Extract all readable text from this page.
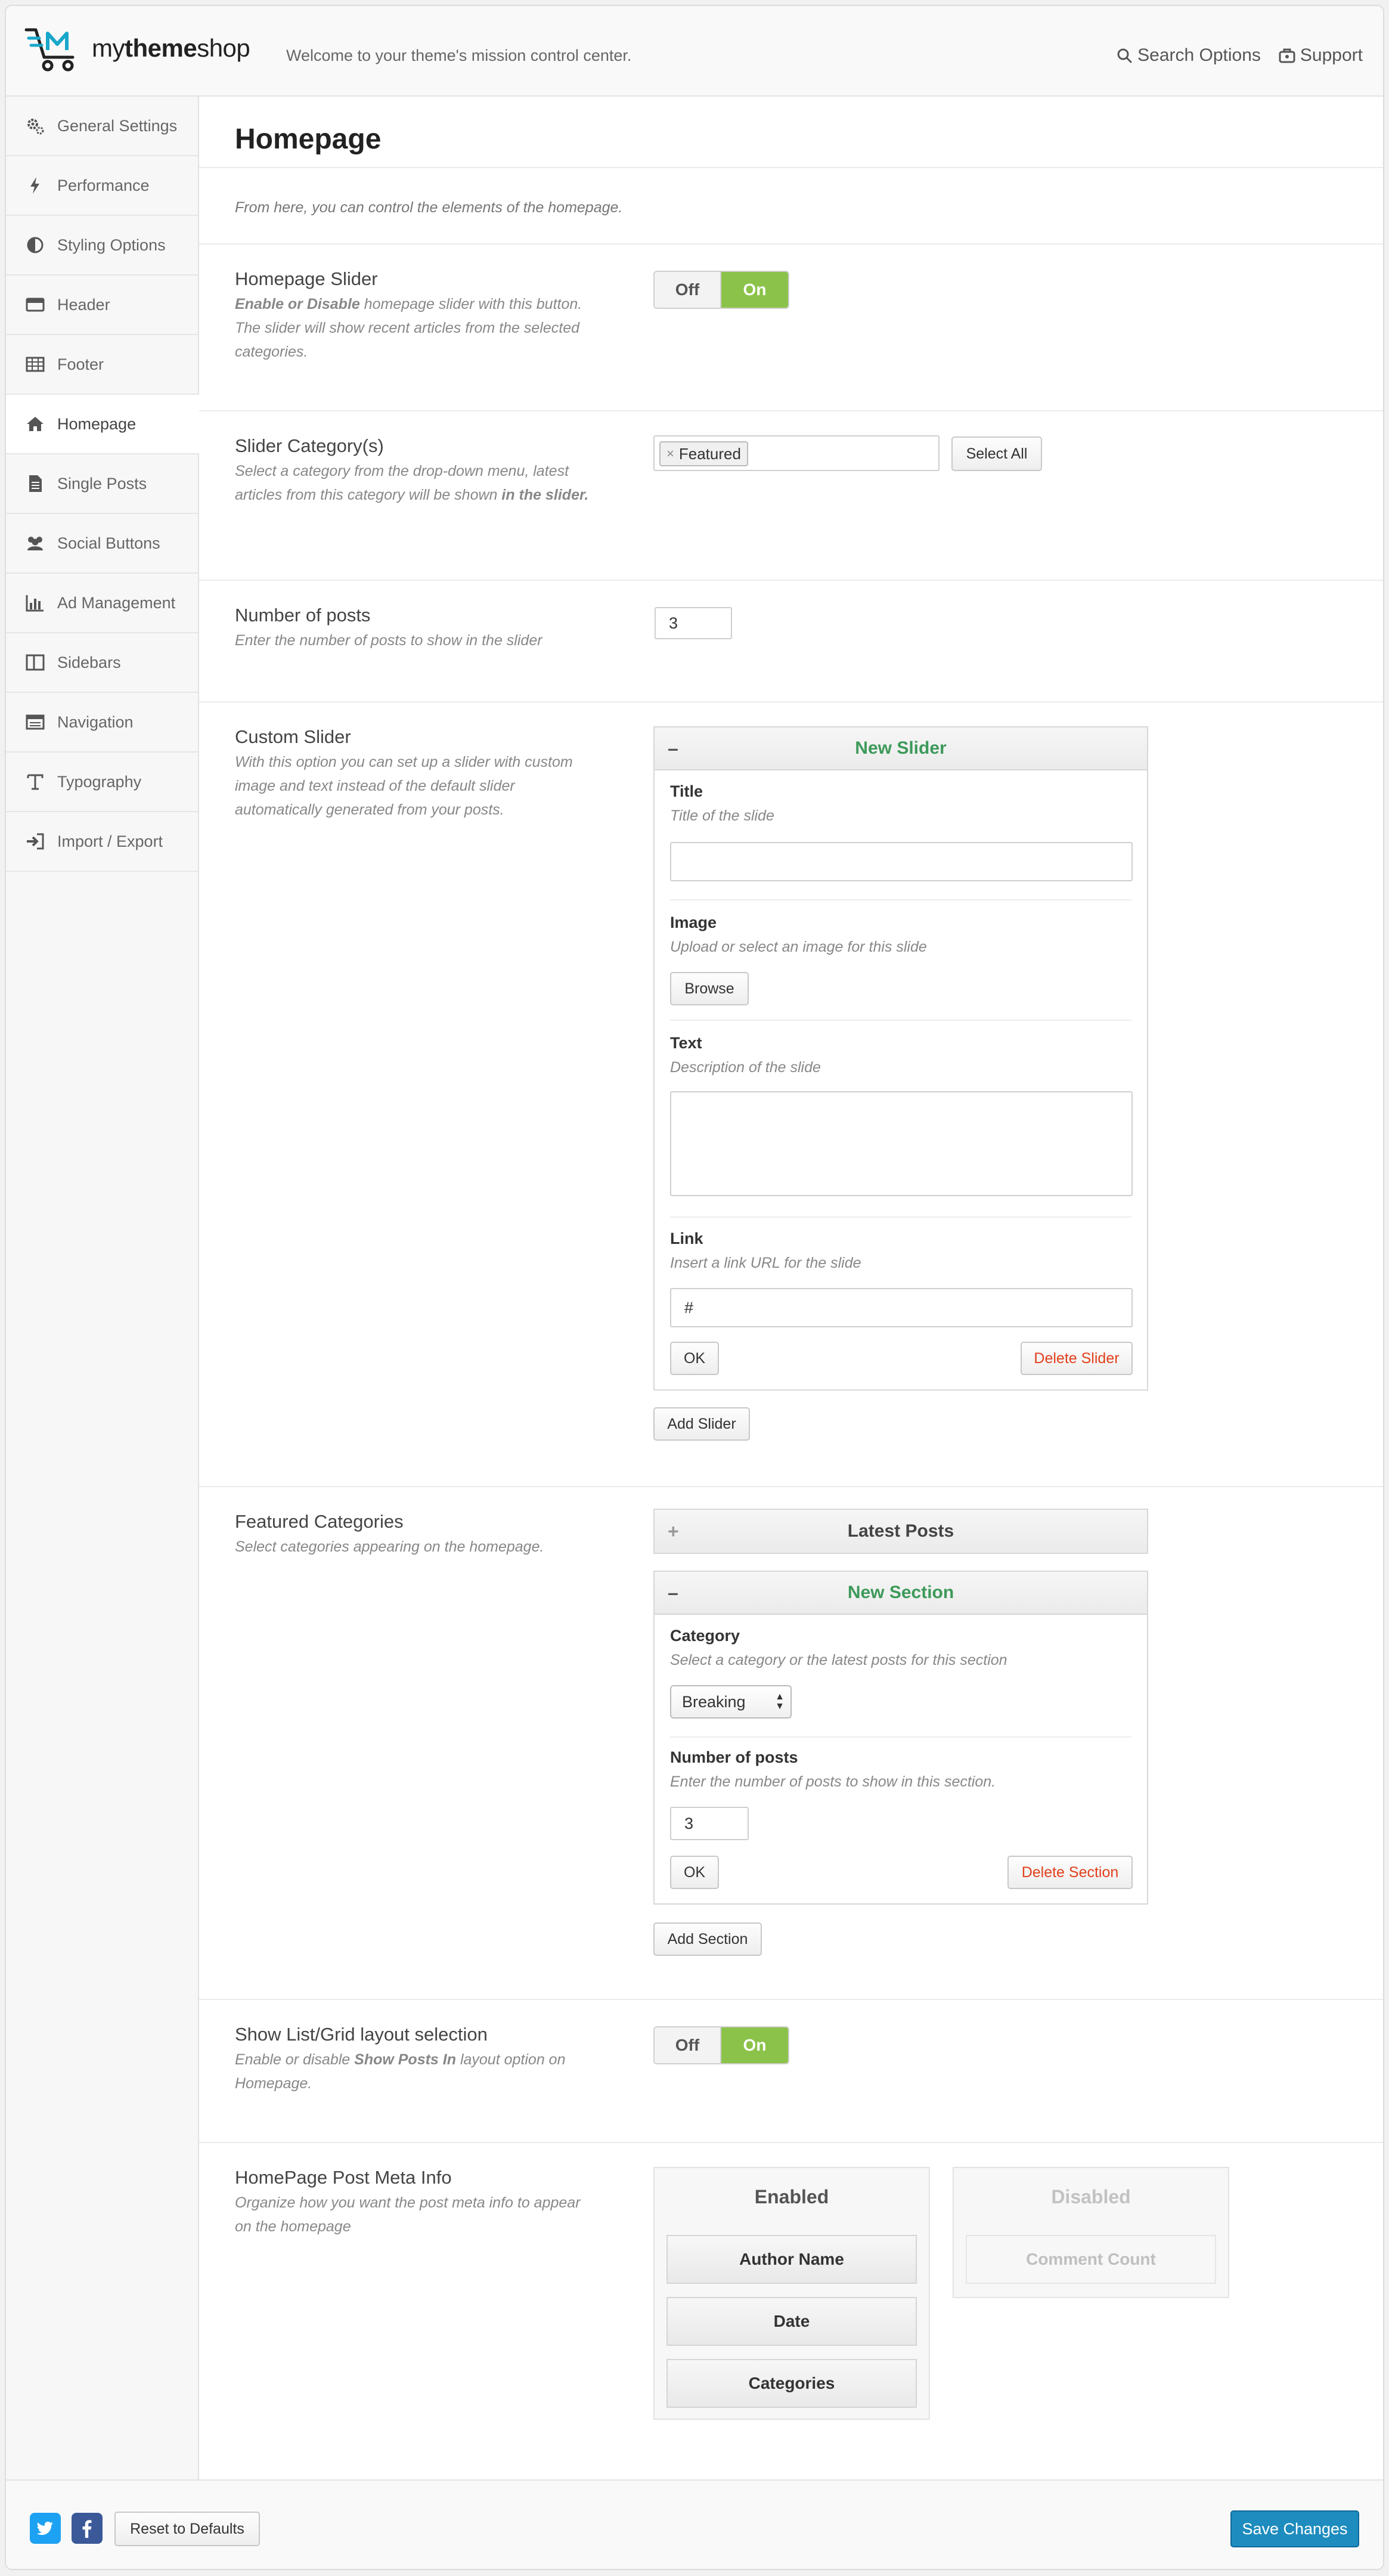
mythemeshop Welcome to your theme's mission control center.	Search Options Support
General Settings
Performance
Styling Options
Header
Footer
Homepage
Single Posts
Social Buttons
Ad Management
Sidebars
Navigation
Typography
Import / Export
Homepage
From here, you can control the elements of the homepage.
Homepage Slider
Enable or Disable homepage slider with this button. The slider will show recent articles from the selected categories.
Off	On
Slider Category(s)
Select a category from the drop-down menu, latest articles from this category will be shown in the slider.
× Featured	Select All
Number of posts
Enter the number of posts to show in the slider
3
Custom Slider
With this option you can set up a slider with custom image and text instead of the default slider automatically generated from your posts.
–	New Slider
Title
Title of the slide
Image
Upload or select an image for this slide
Browse
Text
Description of the slide
Link
Insert a link URL for the slide
#
OK	Delete Slider
Add Slider
Featured Categories
Select categories appearing on the homepage.
+	Latest Posts
–	New Section
Category
Select a category or the latest posts for this section
Breaking	▲
▼
Number of posts
Enter the number of posts to show in this section.
3
OK	Delete Section
Add Section
Show List/Grid layout selection
Enable or disable Show Posts In layout option on Homepage.
Off	On
HomePage Post Meta Info
Organize how you want the post meta info to appear on the homepage
Enabled
Author Name
Date
Categories
Disabled
Comment Count
Reset to Defaults	Save Changes
